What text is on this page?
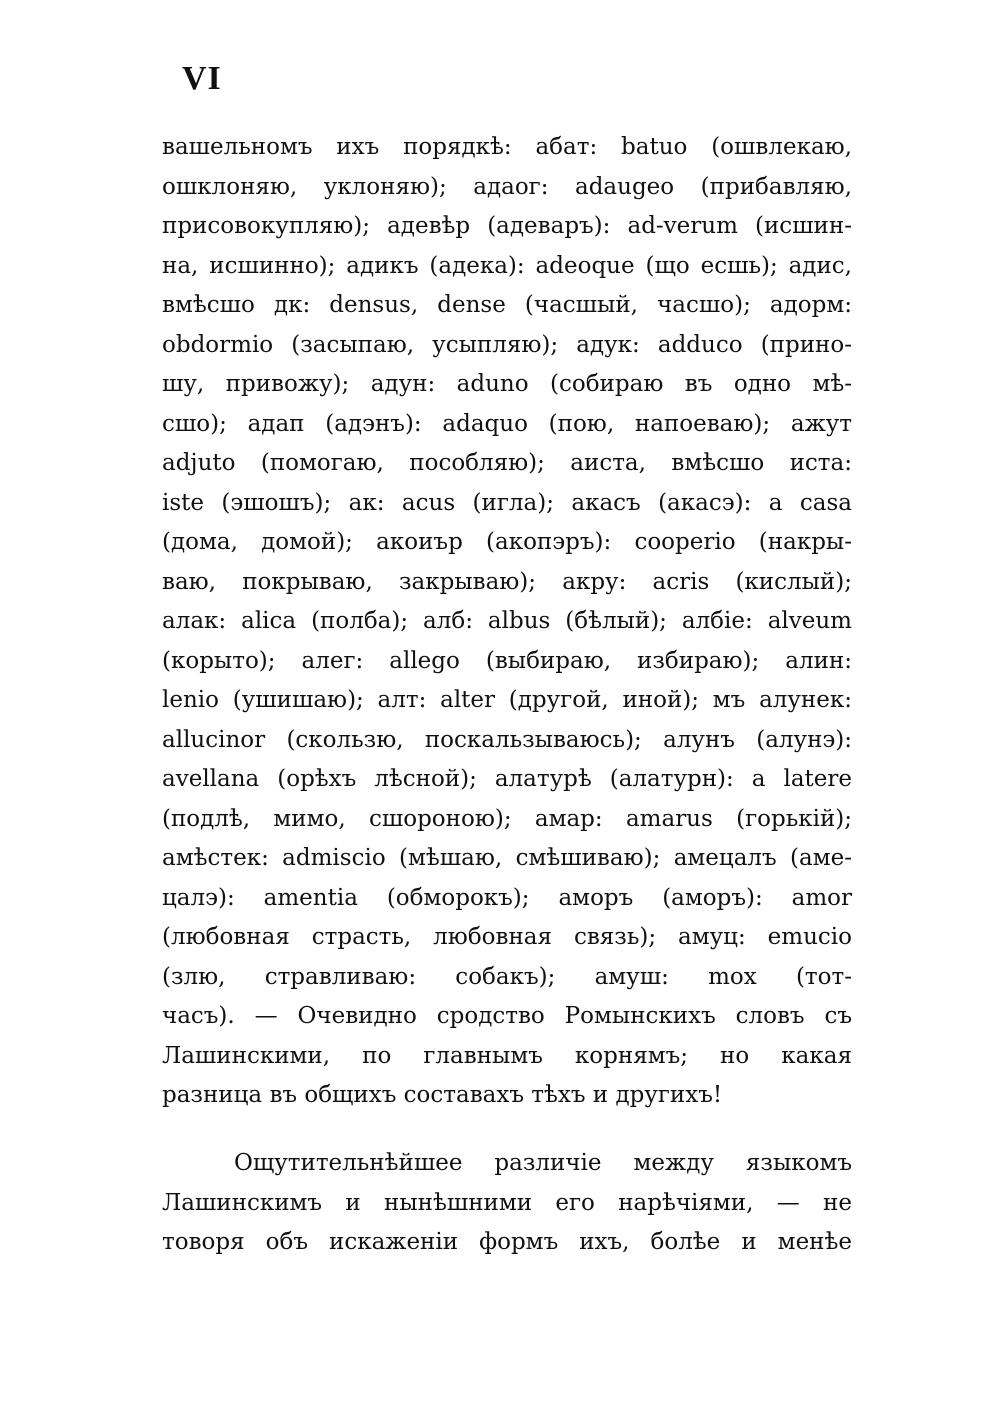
VI
вашельномъ ихъ порядкѣ: абат: batuo (ошвлекаю,
ошклоняю, уклоняю); адаог: adaugeo (прибавляю,
присовокупляю); адевѣр (адеваръ): ad-verum (исшин-
на, исшинно); адикъ (адека): adeoque (що есшь); адис,
вмѣсшо дк: densus, dense (часшый, часшо); адорм:
obdormio (засыпаю, усыпляю); адук: adduco (прино-
шу, привожу); адун: aduno (собираю въ одно мѣ-
сшо); адап (адэнъ): adaquo (пою, напоеваю); ажут
adjuto (помогаю, пособляю); аиста, вмѣсшо иста:
iste (эшошъ); ак: acus (игла); акасъ (акасэ): a casa
(дома, домой); акоиър (акопэръ): coopеrio (накры-
ваю, покрываю, закрываю); акру: acris (кислый);
алак: alica (полба); алб: albus (бѣлый); албіе: alveum
(корыто); алег: allego (выбираю, избираю); алин:
lenio (ушишаю); алт: alter (другой, иной); мъ алунек:
allucinor (скользю, поскальзываюсь); алунъ (алунэ):
avellana (орѣхъ лѣсной); алатурѣ (алатурн): a latere
(подлѣ, мимо, сшороною); амар: amarus (горькій);
амѣстек: admiscio (мѣшаю, смѣшиваю); амецалъ (аме-
цалэ): amentia (обморокъ); аморъ (аморъ): amor
(любовная страсть, любовная связь); амуц: emucio
(злю, стравливаю: собакъ); амуш: mox (тот-
часъ). — Очевидно сродство Ромынскихъ словъ съ
Лашинскими, по главнымъ корнямъ; но какая
разница въ общихъ составахъ тѣхъ и другихъ!
Ощутительнѣйшее различіе между языкомъ
Лашинскимъ и нынѣшними его нарѣчіями, — не
товоря объ искаженіи формъ ихъ, болѣе и менѣе
